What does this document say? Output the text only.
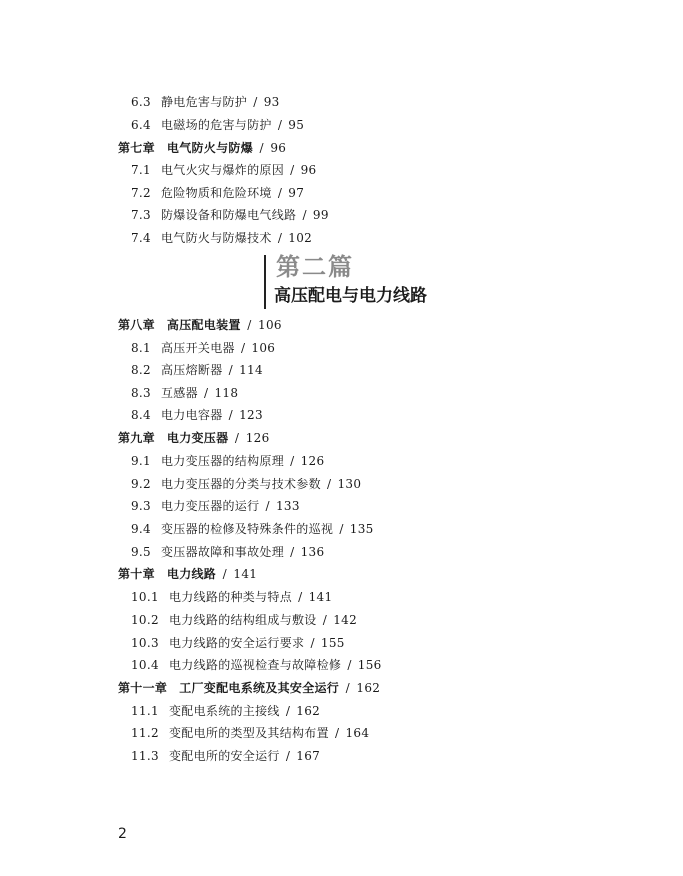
6.3 静电危害与防护 / 93
6.4 电磁场的危害与防护 / 95
第七章 电气防火与防爆 / 96
7.1 电气火灾与爆炸的原因 / 96
7.2 危险物质和危险环境 / 97
7.3 防爆设备和防爆电气线路 / 99
7.4 电气防火与防爆技术 / 102
第二篇
高压配电与电力线路
第八章 高压配电装置 / 106
8.1 高压开关电器 / 106
8.2 高压熔断器 / 114
8.3 互感器 / 118
8.4 电力电容器 / 123
第九章 电力变压器 / 126
9.1 电力变压器的结构原理 / 126
9.2 电力变压器的分类与技术参数 / 130
9.3 电力变压器的运行 / 133
9.4 变压器的检修及特殊条件的巡视 / 135
9.5 变压器故障和事故处理 / 136
第十章 电力线路 / 141
10.1 电力线路的种类与特点 / 141
10.2 电力线路的结构组成与敷设 / 142
10.3 电力线路的安全运行要求 / 155
10.4 电力线路的巡视检查与故障检修 / 156
第十一章 工厂变配电系统及其安全运行 / 162
11.1 变配电系统的主接线 / 162
11.2 变配电所的类型及其结构布置 / 164
11.3 变配电所的安全运行 / 167
2
